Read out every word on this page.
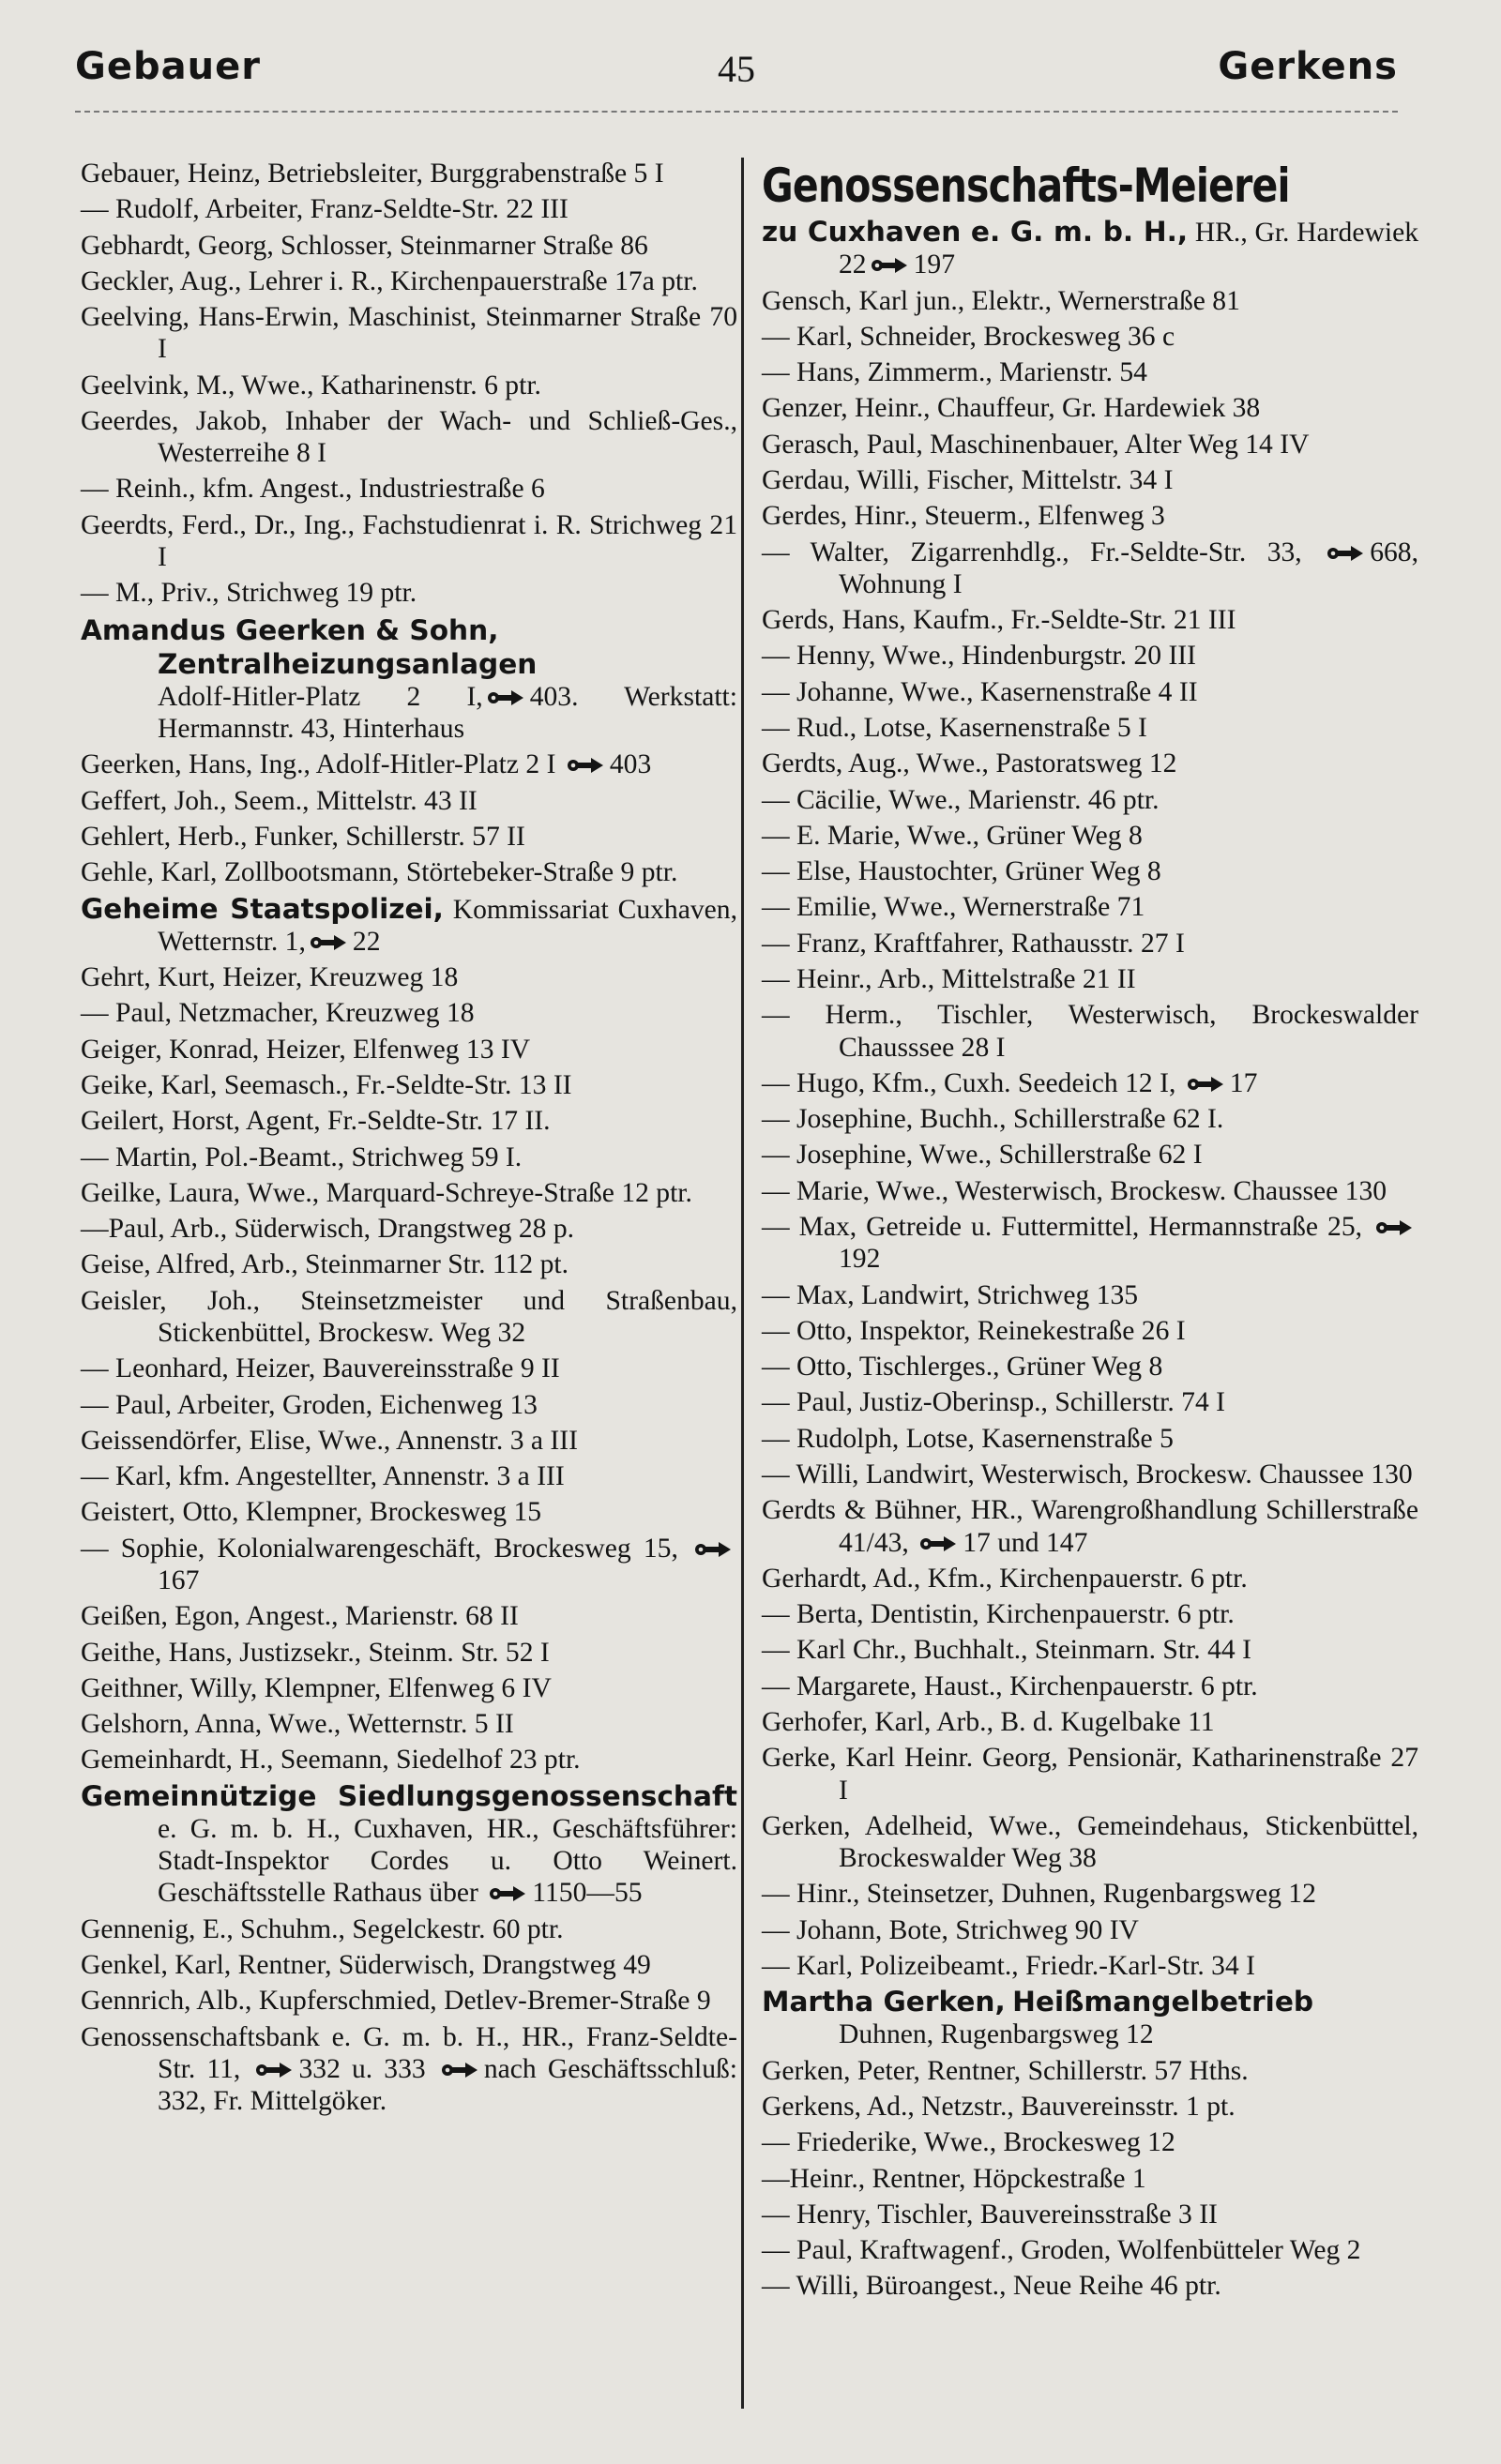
Gebauer	45	Gerkens

Gebauer, Heinz, Betriebsleiter, Burggrabenstraße 5 I

— Rudolf, Arbeiter, Franz-Seldte-Str. 22 III

Gebhardt, Georg, Schlosser, Steinmarner Straße 86

Geckler, Aug., Lehrer i. R., Kirchenpauerstraße 17a ptr.

Geelving, Hans-Erwin, Maschinist, Steinmarner Straße 70 I

Geelvink, M., Wwe., Katharinenstr. 6 ptr.

Geerdes, Jakob, Inhaber der Wach- und Schließ-Ges., Westerreihe 8 I

— Reinh., kfm. Angest., Industriestraße 6

Geerdts, Ferd., Dr., Ing., Fachstudienrat i. R. Strichweg 21 I

— M., Priv., Strichweg 19 ptr.

Amandus Geerken & Sohn,
Zentralheizungsanlagen
Adolf-Hitler-Platz 2 I, 403. Werkstatt: Hermannstr. 43, Hinterhaus

Geerken, Hans, Ing., Adolf-Hitler-Platz 2 I 403

Geffert, Joh., Seem., Mittelstr. 43 II

Gehlert, Herb., Funker, Schillerstr. 57 II

Gehle, Karl, Zollbootsmann, Störtebeker-Straße 9 ptr.

Geheime Staatspolizei, Kommissariat Cuxhaven, Wetternstr. 1, 22

Gehrt, Kurt, Heizer, Kreuzweg 18

— Paul, Netzmacher, Kreuzweg 18

Geiger, Konrad, Heizer, Elfenweg 13 IV

Geike, Karl, Seemasch., Fr.-Seldte-Str. 13 II

Geilert, Horst, Agent, Fr.-Seldte-Str. 17 II.

— Martin, Pol.-Beamt., Strichweg 59 I.

Geilke, Laura, Wwe., Marquard-Schreye-Straße 12 ptr.

—Paul, Arb., Süderwisch, Drangstweg 28 p.

Geise, Alfred, Arb., Steinmarner Str. 112 pt.

Geisler, Joh., Steinsetzmeister und Straßenbau, Stickenbüttel, Brockesw. Weg 32

— Leonhard, Heizer, Bauvereinsstraße 9 II

— Paul, Arbeiter, Groden, Eichenweg 13

Geissendörfer, Elise, Wwe., Annenstr. 3 a III

— Karl, kfm. Angestellter, Annenstr. 3 a III

Geistert, Otto, Klempner, Brockesweg 15

— Sophie, Kolonialwarengeschäft, Brockesweg 15, 167

Geißen, Egon, Angest., Marienstr. 68 II

Geithe, Hans, Justizsekr., Steinm. Str. 52 I

Geithner, Willy, Klempner, Elfenweg 6 IV

Gelshorn, Anna, Wwe., Wetternstr. 5 II

Gemeinhardt, H., Seemann, Siedelhof 23 ptr.

Gemeinnützige Siedlungsgenossenschaft e. G. m. b. H., Cuxhaven, HR., Geschäftsführer: Stadt-Inspektor Cordes u. Otto Weinert. Geschäftsstelle Rathaus über 1150—55

Gennenig, E., Schuhm., Segelckestr. 60 ptr.

Genkel, Karl, Rentner, Süderwisch, Drangstweg 49

Gennrich, Alb., Kupferschmied, Detlev-Bremer-Straße 9

Genossenschaftsbank e. G. m. b. H., HR., Franz-Seldte-Str. 11, 332 u. 333 nach Geschäftsschluß: 332, Fr. Mittelgöker.

Genossenschafts-Meierei

zu Cuxhaven e. G. m. b. H., HR., Gr. Hardewiek 22 197

Gensch, Karl jun., Elektr., Wernerstraße 81

— Karl, Schneider, Brockesweg 36 c

— Hans, Zimmerm., Marienstr. 54

Genzer, Heinr., Chauffeur, Gr. Hardewiek 38

Gerasch, Paul, Maschinenbauer, Alter Weg 14 IV

Gerdau, Willi, Fischer, Mittelstr. 34 I

Gerdes, Hinr., Steuerm., Elfenweg 3

— Walter, Zigarrenhdlg., Fr.-Seldte-Str. 33, 668, Wohnung I

Gerds, Hans, Kaufm., Fr.-Seldte-Str. 21 III

— Henny, Wwe., Hindenburgstr. 20 III

— Johanne, Wwe., Kasernenstraße 4 II

— Rud., Lotse, Kasernenstraße 5 I

Gerdts, Aug., Wwe., Pastoratsweg 12

— Cäcilie, Wwe., Marienstr. 46 ptr.

— E. Marie, Wwe., Grüner Weg 8

— Else, Haustochter, Grüner Weg 8

— Emilie, Wwe., Wernerstraße 71

— Franz, Kraftfahrer, Rathausstr. 27 I

— Heinr., Arb., Mittelstraße 21 II

— Herm., Tischler, Westerwisch, Brockeswalder Chausssee 28 I

— Hugo, Kfm., Cuxh. Seedeich 12 I, 17

— Josephine, Buchh., Schillerstraße 62 I.

— Josephine, Wwe., Schillerstraße 62 I

— Marie, Wwe., Westerwisch, Brockesw. Chaussee 130

— Max, Getreide u. Futtermittel, Hermannstraße 25, 192

— Max, Landwirt, Strichweg 135

— Otto, Inspektor, Reinekestraße 26 I

— Otto, Tischlerges., Grüner Weg 8

— Paul, Justiz-Oberinsp., Schillerstr. 74 I

— Rudolph, Lotse, Kasernenstraße 5

— Willi, Landwirt, Westerwisch, Brockesw. Chaussee 130

Gerdts & Bühner, HR., Warengroßhandlung Schillerstraße 41/43, 17 und 147

Gerhardt, Ad., Kfm., Kirchenpauerstr. 6 ptr.

— Berta, Dentistin, Kirchenpauerstr. 6 ptr.

— Karl Chr., Buchhalt., Steinmarn. Str. 44 I

— Margarete, Haust., Kirchenpauerstr. 6 ptr.

Gerhofer, Karl, Arb., B. d. Kugelbake 11

Gerke, Karl Heinr. Georg, Pensionär, Katharinenstraße 27 I

Gerken, Adelheid, Wwe., Gemeindehaus, Stickenbüttel, Brockeswalder Weg 38

— Hinr., Steinsetzer, Duhnen, Rugenbargsweg 12

— Johann, Bote, Strichweg 90 IV

— Karl, Polizeibeamt., Friedr.-Karl-Str. 34 I

Martha Gerken, Heißmangelbetrieb
Duhnen, Rugenbargsweg 12

Gerken, Peter, Rentner, Schillerstr. 57 Hths.

Gerkens, Ad., Netzstr., Bauvereinsstr. 1 pt.

— Friederike, Wwe., Brockesweg 12

—Heinr., Rentner, Höpckestraße 1

— Henry, Tischler, Bauvereinsstraße 3 II

— Paul, Kraftwagenf., Groden, Wolfenbütteler Weg 2

— Willi, Büroangest., Neue Reihe 46 ptr.
